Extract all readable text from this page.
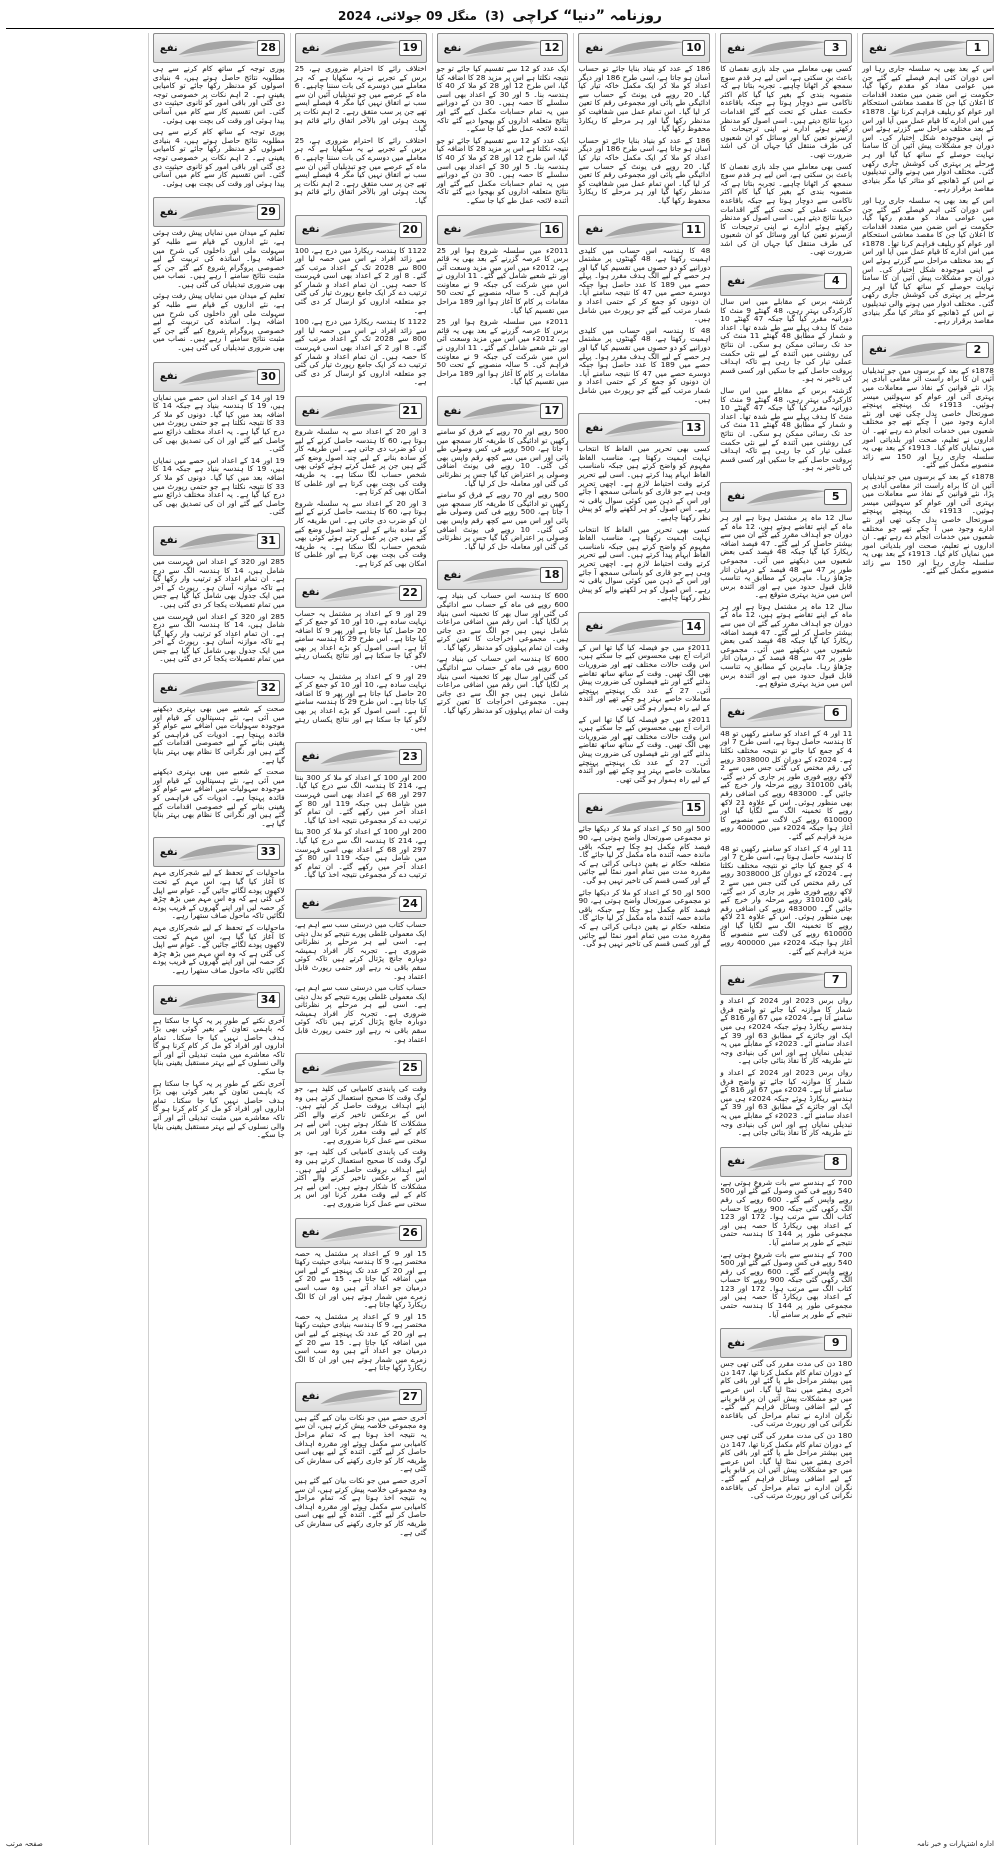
روزنامہ ”دنیا“ کراچی
(3)
منگل 09 جولائی، 2024
1
نفع

اس کے بعد بھی یہ سلسلہ جاری رہا اور اس دوران کئی اہم فیصلے کیے گئے جن میں عوامی مفاد کو مقدم رکھا گیا، حکومت نے اس ضمن میں متعدد اقدامات کا اعلان کیا جن کا مقصد معاشی استحکام اور عوام کو ریلیف فراہم کرنا تھا۔ 1878ء میں اس ادارے کا قیام عمل میں آیا اور اس کے بعد مختلف مراحل سے گزرتے ہوئے اس نے اپنی موجودہ شکل اختیار کی۔ اس دوران جو مشکلات پیش آئیں ان کا سامنا نہایت حوصلے کے ساتھ کیا گیا اور ہر مرحلے پر بہتری کی کوشش جاری رکھی گئی۔ مختلف ادوار میں ہونے والی تبدیلیوں نے اس کے ڈھانچے کو متاثر کیا مگر بنیادی مقاصد برقرار رہے۔

اس کے بعد بھی یہ سلسلہ جاری رہا اور اس دوران کئی اہم فیصلے کیے گئے جن میں عوامی مفاد کو مقدم رکھا گیا، حکومت نے اس ضمن میں متعدد اقدامات کا اعلان کیا جن کا مقصد معاشی استحکام اور عوام کو ریلیف فراہم کرنا تھا۔ 1878ء میں اس ادارے کا قیام عمل میں آیا اور اس کے بعد مختلف مراحل سے گزرتے ہوئے اس نے اپنی موجودہ شکل اختیار کی۔ اس دوران جو مشکلات پیش آئیں ان کا سامنا نہایت حوصلے کے ساتھ کیا گیا اور ہر مرحلے پر بہتری کی کوشش جاری رکھی گئی۔ مختلف ادوار میں ہونے والی تبدیلیوں نے اس کے ڈھانچے کو متاثر کیا مگر بنیادی مقاصد برقرار رہے۔

2
نفع

1878ء کے بعد کے برسوں میں جو تبدیلیاں آئیں ان کا براہ راست اثر مقامی آبادی پر پڑا، نئے قوانین کے نفاذ سے معاملات میں بہتری آئی اور عوام کو سہولتیں میسر ہوئیں۔ 1913ء تک پہنچتے پہنچتے صورتحال خاصی بدل چکی تھی اور نئے ادارے وجود میں آ چکے تھے جو مختلف شعبوں میں خدمات انجام دے رہے تھے۔ ان اداروں نے تعلیم، صحت اور بلدیاتی امور میں نمایاں کام کیا۔ 1913ء کے بعد بھی یہ سلسلہ جاری رہا اور 150 سے زائد منصوبے مکمل کیے گئے۔

1878ء کے بعد کے برسوں میں جو تبدیلیاں آئیں ان کا براہ راست اثر مقامی آبادی پر پڑا، نئے قوانین کے نفاذ سے معاملات میں بہتری آئی اور عوام کو سہولتیں میسر ہوئیں۔ 1913ء تک پہنچتے پہنچتے صورتحال خاصی بدل چکی تھی اور نئے ادارے وجود میں آ چکے تھے جو مختلف شعبوں میں خدمات انجام دے رہے تھے۔ ان اداروں نے تعلیم، صحت اور بلدیاتی امور میں نمایاں کام کیا۔ 1913ء کے بعد بھی یہ سلسلہ جاری رہا اور 150 سے زائد منصوبے مکمل کیے گئے۔

3
نفع

کسی بھی معاملے میں جلد بازی نقصان کا باعث بن سکتی ہے، اس لیے ہر قدم سوچ سمجھ کر اٹھانا چاہیے۔ تجربہ بتاتا ہے کہ منصوبہ بندی کے بغیر کیا گیا کام اکثر ناکامی سے دوچار ہوتا ہے جبکہ باقاعدہ حکمت عملی کے تحت کیے گئے اقدامات دیرپا نتائج دیتے ہیں۔ اسی اصول کو مدنظر رکھتے ہوئے ادارے نے اپنی ترجیحات کا ازسرنو تعین کیا اور وسائل کو ان شعبوں کی طرف منتقل کیا جہاں ان کی اشد ضرورت تھی۔

کسی بھی معاملے میں جلد بازی نقصان کا باعث بن سکتی ہے، اس لیے ہر قدم سوچ سمجھ کر اٹھانا چاہیے۔ تجربہ بتاتا ہے کہ منصوبہ بندی کے بغیر کیا گیا کام اکثر ناکامی سے دوچار ہوتا ہے جبکہ باقاعدہ حکمت عملی کے تحت کیے گئے اقدامات دیرپا نتائج دیتے ہیں۔ اسی اصول کو مدنظر رکھتے ہوئے ادارے نے اپنی ترجیحات کا ازسرنو تعین کیا اور وسائل کو ان شعبوں کی طرف منتقل کیا جہاں ان کی اشد ضرورت تھی۔

4
نفع

گزشتہ برس کے مقابلے میں اس سال کارکردگی بہتر رہی، 48 گھنٹے 9 منٹ کا دورانیہ مقرر کیا گیا جبکہ 47 گھنٹے 10 منٹ کا ہدف پہلے سے طے شدہ تھا۔ اعداد و شمار کے مطابق 48 گھنٹے 11 منٹ کی حد تک رسائی ممکن ہو سکی۔ ان نتائج کی روشنی میں آئندہ کے لیے نئی حکمت عملی تیار کی جا رہی ہے تاکہ اہداف بروقت حاصل کیے جا سکیں اور کسی قسم کی تاخیر نہ ہو۔

گزشتہ برس کے مقابلے میں اس سال کارکردگی بہتر رہی، 48 گھنٹے 9 منٹ کا دورانیہ مقرر کیا گیا جبکہ 47 گھنٹے 10 منٹ کا ہدف پہلے سے طے شدہ تھا۔ اعداد و شمار کے مطابق 48 گھنٹے 11 منٹ کی حد تک رسائی ممکن ہو سکی۔ ان نتائج کی روشنی میں آئندہ کے لیے نئی حکمت عملی تیار کی جا رہی ہے تاکہ اہداف بروقت حاصل کیے جا سکیں اور کسی قسم کی تاخیر نہ ہو۔

5
نفع

سال 12 ماہ پر مشتمل ہوتا ہے اور ہر ماہ کے اپنے تقاضے ہوتے ہیں، 12 ماہ کے دوران جو اہداف مقرر کیے گئے ان میں سے بیشتر حاصل کر لیے گئے۔ 47 فیصد اضافہ ریکارڈ کیا گیا جبکہ 48 فیصد کمی بعض شعبوں میں دیکھنے میں آئی۔ مجموعی طور پر 47 سے 48 فیصد کے درمیان اتار چڑھاؤ رہا۔ ماہرین کے مطابق یہ تناسب قابل قبول حدود میں ہے اور آئندہ برس اس میں مزید بہتری متوقع ہے۔

سال 12 ماہ پر مشتمل ہوتا ہے اور ہر ماہ کے اپنے تقاضے ہوتے ہیں، 12 ماہ کے دوران جو اہداف مقرر کیے گئے ان میں سے بیشتر حاصل کر لیے گئے۔ 47 فیصد اضافہ ریکارڈ کیا گیا جبکہ 48 فیصد کمی بعض شعبوں میں دیکھنے میں آئی۔ مجموعی طور پر 47 سے 48 فیصد کے درمیان اتار چڑھاؤ رہا۔ ماہرین کے مطابق یہ تناسب قابل قبول حدود میں ہے اور آئندہ برس اس میں مزید بہتری متوقع ہے۔

6
نفع

11 اور 4 کے اعداد کو سامنے رکھیں تو 48 کا ہندسہ حاصل ہوتا ہے، اسی طرح 7 اور 4 کو جمع کیا جائے تو نتیجہ مختلف نکلتا ہے۔ 2024ء کے دوران کل 3038000 روپے کی رقم مختص کی گئی جس میں سے 2 لاکھ روپے فوری طور پر جاری کر دیے گئے، باقی 310100 روپے مرحلہ وار خرچ کیے جائیں گے۔ 483000 روپے کی اضافی رقم بھی منظور ہوئی۔ اس کے علاوہ 21 لاکھ روپے کا تخمینہ الگ سے لگایا گیا اور 610000 روپے کی لاگت سے منصوبے کا آغاز ہوا جبکہ 2024ء میں 400000 روپے مزید فراہم کیے گئے۔

11 اور 4 کے اعداد کو سامنے رکھیں تو 48 کا ہندسہ حاصل ہوتا ہے، اسی طرح 7 اور 4 کو جمع کیا جائے تو نتیجہ مختلف نکلتا ہے۔ 2024ء کے دوران کل 3038000 روپے کی رقم مختص کی گئی جس میں سے 2 لاکھ روپے فوری طور پر جاری کر دیے گئے، باقی 310100 روپے مرحلہ وار خرچ کیے جائیں گے۔ 483000 روپے کی اضافی رقم بھی منظور ہوئی۔ اس کے علاوہ 21 لاکھ روپے کا تخمینہ الگ سے لگایا گیا اور 610000 روپے کی لاگت سے منصوبے کا آغاز ہوا جبکہ 2024ء میں 400000 روپے مزید فراہم کیے گئے۔

7
نفع

رواں برس 2023 اور 2024 کے اعداد و شمار کا موازنہ کیا جائے تو واضح فرق سامنے آتا ہے۔ 2024ء میں 67 اور 816 کے ہندسے ریکارڈ ہوئے جبکہ 2024ء ہی میں ایک اور جائزے کے مطابق 63 اور 39 کے اعداد سامنے آئے۔ 2023ء کے مقابلے میں یہ تبدیلی نمایاں ہے اور اس کی بنیادی وجہ نئے طریقہ کار کا نفاذ بتائی جاتی ہے۔

رواں برس 2023 اور 2024 کے اعداد و شمار کا موازنہ کیا جائے تو واضح فرق سامنے آتا ہے۔ 2024ء میں 67 اور 816 کے ہندسے ریکارڈ ہوئے جبکہ 2024ء ہی میں ایک اور جائزے کے مطابق 63 اور 39 کے اعداد سامنے آئے۔ 2023ء کے مقابلے میں یہ تبدیلی نمایاں ہے اور اس کی بنیادی وجہ نئے طریقہ کار کا نفاذ بتائی جاتی ہے۔

8
نفع

700 کے ہندسے سے بات شروع ہوتی ہے، 540 روپے فی کس وصول کیے گئے اور 500 روپے واپس کیے گئے۔ 600 روپے کی رقم الگ رکھی گئی جبکہ 900 روپے کا حساب کتاب الگ سے مرتب ہوا۔ 172 اور 123 کے اعداد بھی ریکارڈ کا حصہ ہیں اور مجموعی طور پر 144 کا ہندسہ حتمی نتیجے کے طور پر سامنے آیا۔

700 کے ہندسے سے بات شروع ہوتی ہے، 540 روپے فی کس وصول کیے گئے اور 500 روپے واپس کیے گئے۔ 600 روپے کی رقم الگ رکھی گئی جبکہ 900 روپے کا حساب کتاب الگ سے مرتب ہوا۔ 172 اور 123 کے اعداد بھی ریکارڈ کا حصہ ہیں اور مجموعی طور پر 144 کا ہندسہ حتمی نتیجے کے طور پر سامنے آیا۔

9
نفع

180 دن کی مدت مقرر کی گئی تھی جس کے دوران تمام کام مکمل کرنا تھا، 147 دن میں بیشتر مراحل طے پا گئے اور باقی کام آخری ہفتے میں نمٹا لیا گیا۔ اس عرصے میں جو مشکلات پیش آئیں ان پر قابو پانے کے لیے اضافی وسائل فراہم کیے گئے۔ نگران ادارے نے تمام مراحل کی باقاعدہ نگرانی کی اور رپورٹ مرتب کی۔

180 دن کی مدت مقرر کی گئی تھی جس کے دوران تمام کام مکمل کرنا تھا، 147 دن میں بیشتر مراحل طے پا گئے اور باقی کام آخری ہفتے میں نمٹا لیا گیا۔ اس عرصے میں جو مشکلات پیش آئیں ان پر قابو پانے کے لیے اضافی وسائل فراہم کیے گئے۔ نگران ادارے نے تمام مراحل کی باقاعدہ نگرانی کی اور رپورٹ مرتب کی۔

10
نفع

186 کے عدد کو بنیاد بنایا جائے تو حساب آسان ہو جاتا ہے، اسی طرح 186 اور دیگر اعداد کو ملا کر ایک مکمل خاکہ تیار کیا گیا۔ 20 روپے فی یونٹ کے حساب سے ادائیگی طے پائی اور مجموعی رقم کا تعین کر لیا گیا۔ اس تمام عمل میں شفافیت کو مدنظر رکھا گیا اور ہر مرحلے کا ریکارڈ محفوظ رکھا گیا۔

186 کے عدد کو بنیاد بنایا جائے تو حساب آسان ہو جاتا ہے، اسی طرح 186 اور دیگر اعداد کو ملا کر ایک مکمل خاکہ تیار کیا گیا۔ 20 روپے فی یونٹ کے حساب سے ادائیگی طے پائی اور مجموعی رقم کا تعین کر لیا گیا۔ اس تمام عمل میں شفافیت کو مدنظر رکھا گیا اور ہر مرحلے کا ریکارڈ محفوظ رکھا گیا۔

11
نفع

48 کا ہندسہ اس حساب میں کلیدی اہمیت رکھتا ہے، 48 گھنٹوں پر مشتمل دورانیے کو دو حصوں میں تقسیم کیا گیا اور ہر حصے کے لیے الگ ہدف مقرر ہوا۔ پہلے حصے میں 189 کا عدد حاصل ہوا جبکہ دوسرے حصے میں 47 کا نتیجہ سامنے آیا۔ ان دونوں کو جمع کر کے حتمی اعداد و شمار مرتب کیے گئے جو رپورٹ میں شامل ہیں۔

48 کا ہندسہ اس حساب میں کلیدی اہمیت رکھتا ہے، 48 گھنٹوں پر مشتمل دورانیے کو دو حصوں میں تقسیم کیا گیا اور ہر حصے کے لیے الگ ہدف مقرر ہوا۔ پہلے حصے میں 189 کا عدد حاصل ہوا جبکہ دوسرے حصے میں 47 کا نتیجہ سامنے آیا۔ ان دونوں کو جمع کر کے حتمی اعداد و شمار مرتب کیے گئے جو رپورٹ میں شامل ہیں۔

13
نفع

کسی بھی تحریر میں الفاظ کا انتخاب نہایت اہمیت رکھتا ہے، مناسب الفاظ مفہوم کو واضح کرتے ہیں جبکہ نامناسب الفاظ ابہام پیدا کرتے ہیں۔ اسی لیے تحریر کرتے وقت احتیاط لازم ہے۔ اچھی تحریر وہی ہے جو قاری کو بآسانی سمجھ آ جائے اور اس کے ذہن میں کوئی سوال باقی نہ رہے۔ اس اصول کو ہر لکھنے والے کو پیش نظر رکھنا چاہیے۔

کسی بھی تحریر میں الفاظ کا انتخاب نہایت اہمیت رکھتا ہے، مناسب الفاظ مفہوم کو واضح کرتے ہیں جبکہ نامناسب الفاظ ابہام پیدا کرتے ہیں۔ اسی لیے تحریر کرتے وقت احتیاط لازم ہے۔ اچھی تحریر وہی ہے جو قاری کو بآسانی سمجھ آ جائے اور اس کے ذہن میں کوئی سوال باقی نہ رہے۔ اس اصول کو ہر لکھنے والے کو پیش نظر رکھنا چاہیے۔

14
نفع

2011ء میں جو فیصلہ کیا گیا تھا اس کے اثرات آج بھی محسوس کیے جا سکتے ہیں، اس وقت حالات مختلف تھے اور ضروریات بھی الگ تھیں۔ وقت کے ساتھ ساتھ تقاضے بدلتے گئے اور نئے فیصلوں کی ضرورت پیش آئی۔ 27 کے عدد تک پہنچتے پہنچتے معاملات خاصے بہتر ہو چکے تھے اور آئندہ کے لیے راہ ہموار ہو گئی تھی۔

2011ء میں جو فیصلہ کیا گیا تھا اس کے اثرات آج بھی محسوس کیے جا سکتے ہیں، اس وقت حالات مختلف تھے اور ضروریات بھی الگ تھیں۔ وقت کے ساتھ ساتھ تقاضے بدلتے گئے اور نئے فیصلوں کی ضرورت پیش آئی۔ 27 کے عدد تک پہنچتے پہنچتے معاملات خاصے بہتر ہو چکے تھے اور آئندہ کے لیے راہ ہموار ہو گئی تھی۔

15
نفع

500 اور 50 کے اعداد کو ملا کر دیکھا جائے تو مجموعی صورتحال واضح ہوتی ہے، 90 فیصد کام مکمل ہو چکا ہے جبکہ باقی ماندہ حصہ آئندہ ماہ مکمل کر لیا جائے گا۔ متعلقہ حکام نے یقین دہانی کرائی ہے کہ مقررہ مدت میں تمام امور نمٹا لیے جائیں گے اور کسی قسم کی تاخیر نہیں ہو گی۔

500 اور 50 کے اعداد کو ملا کر دیکھا جائے تو مجموعی صورتحال واضح ہوتی ہے، 90 فیصد کام مکمل ہو چکا ہے جبکہ باقی ماندہ حصہ آئندہ ماہ مکمل کر لیا جائے گا۔ متعلقہ حکام نے یقین دہانی کرائی ہے کہ مقررہ مدت میں تمام امور نمٹا لیے جائیں گے اور کسی قسم کی تاخیر نہیں ہو گی۔

12
نفع

ایک عدد کو 12 سے تقسیم کیا جائے تو جو نتیجہ نکلتا ہے اس پر مزید 28 کا اضافہ کیا گیا، اس طرح 12 اور 28 کو ملا کر 40 کا ہندسہ بنا۔ 5 اور 30 کے اعداد بھی اسی سلسلے کا حصہ ہیں۔ 30 دن کے دورانیے میں یہ تمام حسابات مکمل کیے گئے اور نتائج متعلقہ اداروں کو بھجوا دیے گئے تاکہ آئندہ لائحہ عمل طے کیا جا سکے۔

ایک عدد کو 12 سے تقسیم کیا جائے تو جو نتیجہ نکلتا ہے اس پر مزید 28 کا اضافہ کیا گیا، اس طرح 12 اور 28 کو ملا کر 40 کا ہندسہ بنا۔ 5 اور 30 کے اعداد بھی اسی سلسلے کا حصہ ہیں۔ 30 دن کے دورانیے میں یہ تمام حسابات مکمل کیے گئے اور نتائج متعلقہ اداروں کو بھجوا دیے گئے تاکہ آئندہ لائحہ عمل طے کیا جا سکے۔

16
نفع

2011ء میں سلسلہ شروع ہوا اور 25 برس کا عرصہ گزرنے کے بعد بھی یہ قائم ہے، 2012ء میں اس میں مزید وسعت آئی اور نئے شعبے شامل کیے گئے۔ 11 اداروں نے اس میں شرکت کی جبکہ 9 نے معاونت فراہم کی۔ 5 سالہ منصوبے کے تحت 50 مقامات پر کام کا آغاز ہوا اور 189 مراحل میں تقسیم کیا گیا۔

2011ء میں سلسلہ شروع ہوا اور 25 برس کا عرصہ گزرنے کے بعد بھی یہ قائم ہے، 2012ء میں اس میں مزید وسعت آئی اور نئے شعبے شامل کیے گئے۔ 11 اداروں نے اس میں شرکت کی جبکہ 9 نے معاونت فراہم کی۔ 5 سالہ منصوبے کے تحت 50 مقامات پر کام کا آغاز ہوا اور 189 مراحل میں تقسیم کیا گیا۔

17
نفع

500 روپے اور 70 روپے کے فرق کو سامنے رکھیں تو ادائیگی کا طریقہ کار سمجھ میں آ جاتا ہے، 500 روپے فی کس وصولی طے پائی اور اس میں سے کچھ رقم واپس بھی کی گئی۔ 10 روپے فی یونٹ اضافی وصولی پر اعتراض کیا گیا جس پر نظرثانی کی گئی اور معاملہ حل کر لیا گیا۔

500 روپے اور 70 روپے کے فرق کو سامنے رکھیں تو ادائیگی کا طریقہ کار سمجھ میں آ جاتا ہے، 500 روپے فی کس وصولی طے پائی اور اس میں سے کچھ رقم واپس بھی کی گئی۔ 10 روپے فی یونٹ اضافی وصولی پر اعتراض کیا گیا جس پر نظرثانی کی گئی اور معاملہ حل کر لیا گیا۔

18
نفع

600 کا ہندسہ اس حساب کی بنیاد ہے، 600 روپے فی ماہ کے حساب سے ادائیگی کی گئی اور سال بھر کا تخمینہ اسی بنیاد پر لگایا گیا۔ اس رقم میں اضافی مراعات شامل نہیں ہیں جو الگ سے دی جاتی ہیں۔ مجموعی اخراجات کا تعین کرتے وقت ان تمام پہلوؤں کو مدنظر رکھا گیا۔

600 کا ہندسہ اس حساب کی بنیاد ہے، 600 روپے فی ماہ کے حساب سے ادائیگی کی گئی اور سال بھر کا تخمینہ اسی بنیاد پر لگایا گیا۔ اس رقم میں اضافی مراعات شامل نہیں ہیں جو الگ سے دی جاتی ہیں۔ مجموعی اخراجات کا تعین کرتے وقت ان تمام پہلوؤں کو مدنظر رکھا گیا۔

19
نفع

اختلاف رائے کا احترام ضروری ہے، 25 برس کے تجربے نے یہ سکھایا ہے کہ ہر معاملے میں دوسرے کی بات سننا چاہیے۔ 6 ماہ کے عرصے میں جو تبدیلیاں آئیں ان سے سب نے اتفاق نہیں کیا مگر 4 فیصلے ایسے تھے جن پر سب متفق رہے۔ 2 اہم نکات پر بحث ہوئی اور بالآخر اتفاق رائے قائم ہو گیا۔

اختلاف رائے کا احترام ضروری ہے، 25 برس کے تجربے نے یہ سکھایا ہے کہ ہر معاملے میں دوسرے کی بات سننا چاہیے۔ 6 ماہ کے عرصے میں جو تبدیلیاں آئیں ان سے سب نے اتفاق نہیں کیا مگر 4 فیصلے ایسے تھے جن پر سب متفق رہے۔ 2 اہم نکات پر بحث ہوئی اور بالآخر اتفاق رائے قائم ہو گیا۔

20
نفع

1122 کا ہندسہ ریکارڈ میں درج ہے، 100 سے زائد افراد نے اس میں حصہ لیا اور 800 سے 2028 تک کے اعداد مرتب کیے گئے۔ 8 اور 2 کے اعداد بھی اسی فہرست کا حصہ ہیں۔ ان تمام اعداد و شمار کو ترتیب دے کر ایک جامع رپورٹ تیار کی گئی جو متعلقہ اداروں کو ارسال کر دی گئی ہے۔

1122 کا ہندسہ ریکارڈ میں درج ہے، 100 سے زائد افراد نے اس میں حصہ لیا اور 800 سے 2028 تک کے اعداد مرتب کیے گئے۔ 8 اور 2 کے اعداد بھی اسی فہرست کا حصہ ہیں۔ ان تمام اعداد و شمار کو ترتیب دے کر ایک جامع رپورٹ تیار کی گئی جو متعلقہ اداروں کو ارسال کر دی گئی ہے۔

21
نفع

3 اور 20 کے اعداد سے یہ سلسلہ شروع ہوتا ہے، 60 کا ہندسہ حاصل کرنے کے لیے ان کو ضرب دی جاتی ہے۔ اس طریقہ کار کو سادہ بنانے کے لیے چند اصول وضع کیے گئے ہیں جن پر عمل کرتے ہوئے کوئی بھی شخص حساب لگا سکتا ہے۔ یہ طریقہ وقت کی بچت بھی کرتا ہے اور غلطی کا امکان بھی کم کرتا ہے۔

3 اور 20 کے اعداد سے یہ سلسلہ شروع ہوتا ہے، 60 کا ہندسہ حاصل کرنے کے لیے ان کو ضرب دی جاتی ہے۔ اس طریقہ کار کو سادہ بنانے کے لیے چند اصول وضع کیے گئے ہیں جن پر عمل کرتے ہوئے کوئی بھی شخص حساب لگا سکتا ہے۔ یہ طریقہ وقت کی بچت بھی کرتا ہے اور غلطی کا امکان بھی کم کرتا ہے۔

22
نفع

29 اور 9 کے اعداد پر مشتمل یہ حساب نہایت سادہ ہے، 10 اور 10 کو جمع کر کے 20 حاصل کیا جاتا ہے اور پھر 9 کا اضافہ کیا جاتا ہے۔ اس طرح 29 کا ہندسہ سامنے آتا ہے۔ اسی اصول کو بڑے اعداد پر بھی لاگو کیا جا سکتا ہے اور نتائج یکساں رہتے ہیں۔

29 اور 9 کے اعداد پر مشتمل یہ حساب نہایت سادہ ہے، 10 اور 10 کو جمع کر کے 20 حاصل کیا جاتا ہے اور پھر 9 کا اضافہ کیا جاتا ہے۔ اس طرح 29 کا ہندسہ سامنے آتا ہے۔ اسی اصول کو بڑے اعداد پر بھی لاگو کیا جا سکتا ہے اور نتائج یکساں رہتے ہیں۔

23
نفع

200 اور 100 کے اعداد کو ملا کر 300 بنتا ہے، 214 کا ہندسہ الگ سے درج کیا گیا۔ 297 اور 68 کے اعداد بھی اسی فہرست میں شامل ہیں جبکہ 119 اور 80 کے اعداد آخر میں رکھے گئے۔ ان تمام کو ترتیب دے کر مجموعی نتیجہ اخذ کیا گیا۔

200 اور 100 کے اعداد کو ملا کر 300 بنتا ہے، 214 کا ہندسہ الگ سے درج کیا گیا۔ 297 اور 68 کے اعداد بھی اسی فہرست میں شامل ہیں جبکہ 119 اور 80 کے اعداد آخر میں رکھے گئے۔ ان تمام کو ترتیب دے کر مجموعی نتیجہ اخذ کیا گیا۔

24
نفع

حساب کتاب میں درستی سب سے اہم ہے، ایک معمولی غلطی پورے نتیجے کو بدل دیتی ہے۔ اسی لیے ہر مرحلے پر نظرثانی ضروری ہے۔ تجربہ کار افراد ہمیشہ دوبارہ جانچ پڑتال کرتے ہیں تاکہ کوئی سقم باقی نہ رہے اور حتمی رپورٹ قابل اعتماد ہو۔

حساب کتاب میں درستی سب سے اہم ہے، ایک معمولی غلطی پورے نتیجے کو بدل دیتی ہے۔ اسی لیے ہر مرحلے پر نظرثانی ضروری ہے۔ تجربہ کار افراد ہمیشہ دوبارہ جانچ پڑتال کرتے ہیں تاکہ کوئی سقم باقی نہ رہے اور حتمی رپورٹ قابل اعتماد ہو۔

25
نفع

وقت کی پابندی کامیابی کی کلید ہے، جو لوگ وقت کا صحیح استعمال کرتے ہیں وہ اپنے اہداف بروقت حاصل کر لیتے ہیں۔ اس کے برعکس تاخیر کرنے والے اکثر مشکلات کا شکار ہوتے ہیں۔ اس لیے ہر کام کے لیے وقت مقرر کرنا اور اس پر سختی سے عمل کرنا ضروری ہے۔

وقت کی پابندی کامیابی کی کلید ہے، جو لوگ وقت کا صحیح استعمال کرتے ہیں وہ اپنے اہداف بروقت حاصل کر لیتے ہیں۔ اس کے برعکس تاخیر کرنے والے اکثر مشکلات کا شکار ہوتے ہیں۔ اس لیے ہر کام کے لیے وقت مقرر کرنا اور اس پر سختی سے عمل کرنا ضروری ہے۔

26
نفع

15 اور 9 کے اعداد پر مشتمل یہ حصہ مختصر ہے، 9 کا ہندسہ بنیادی حیثیت رکھتا ہے اور 20 کے عدد تک پہنچنے کے لیے اس میں اضافہ کیا جاتا ہے۔ 15 سے 20 کے درمیان جو اعداد آتے ہیں وہ سب اسی زمرے میں شمار ہوتے ہیں اور ان کا الگ ریکارڈ رکھا جاتا ہے۔

15 اور 9 کے اعداد پر مشتمل یہ حصہ مختصر ہے، 9 کا ہندسہ بنیادی حیثیت رکھتا ہے اور 20 کے عدد تک پہنچنے کے لیے اس میں اضافہ کیا جاتا ہے۔ 15 سے 20 کے درمیان جو اعداد آتے ہیں وہ سب اسی زمرے میں شمار ہوتے ہیں اور ان کا الگ ریکارڈ رکھا جاتا ہے۔

27
نفع

آخری حصے میں جو نکات بیان کیے گئے ہیں وہ مجموعی خلاصہ پیش کرتے ہیں، ان سے یہ نتیجہ اخذ ہوتا ہے کہ تمام مراحل کامیابی سے مکمل ہوئے اور مقررہ اہداف حاصل کر لیے گئے۔ آئندہ کے لیے بھی اسی طریقہ کار کو جاری رکھنے کی سفارش کی گئی ہے۔

آخری حصے میں جو نکات بیان کیے گئے ہیں وہ مجموعی خلاصہ پیش کرتے ہیں، ان سے یہ نتیجہ اخذ ہوتا ہے کہ تمام مراحل کامیابی سے مکمل ہوئے اور مقررہ اہداف حاصل کر لیے گئے۔ آئندہ کے لیے بھی اسی طریقہ کار کو جاری رکھنے کی سفارش کی گئی ہے۔

28
نفع

پوری توجہ کے ساتھ کام کرنے سے ہی مطلوبہ نتائج حاصل ہوتے ہیں، 4 بنیادی اصولوں کو مدنظر رکھا جائے تو کامیابی یقینی ہے۔ 2 اہم نکات پر خصوصی توجہ دی گئی اور باقی امور کو ثانوی حیثیت دی گئی۔ اس تقسیم کار سے کام میں آسانی پیدا ہوئی اور وقت کی بچت بھی ہوئی۔

پوری توجہ کے ساتھ کام کرنے سے ہی مطلوبہ نتائج حاصل ہوتے ہیں، 4 بنیادی اصولوں کو مدنظر رکھا جائے تو کامیابی یقینی ہے۔ 2 اہم نکات پر خصوصی توجہ دی گئی اور باقی امور کو ثانوی حیثیت دی گئی۔ اس تقسیم کار سے کام میں آسانی پیدا ہوئی اور وقت کی بچت بھی ہوئی۔

29
نفع

تعلیم کے میدان میں نمایاں پیش رفت ہوئی ہے، نئے اداروں کے قیام سے طلبہ کو سہولت ملی اور داخلوں کی شرح میں اضافہ ہوا۔ اساتذہ کی تربیت کے لیے خصوصی پروگرام شروع کیے گئے جن کے مثبت نتائج سامنے آ رہے ہیں۔ نصاب میں بھی ضروری تبدیلیاں کی گئی ہیں۔

تعلیم کے میدان میں نمایاں پیش رفت ہوئی ہے، نئے اداروں کے قیام سے طلبہ کو سہولت ملی اور داخلوں کی شرح میں اضافہ ہوا۔ اساتذہ کی تربیت کے لیے خصوصی پروگرام شروع کیے گئے جن کے مثبت نتائج سامنے آ رہے ہیں۔ نصاب میں بھی ضروری تبدیلیاں کی گئی ہیں۔

30
نفع

19 اور 14 کے اعداد اس حصے میں نمایاں ہیں، 19 کا ہندسہ بنیاد ہے جبکہ 14 کا اضافہ بعد میں کیا گیا۔ دونوں کو ملا کر 33 کا نتیجہ نکلتا ہے جو حتمی رپورٹ میں درج کیا گیا ہے۔ یہ اعداد مختلف ذرائع سے حاصل کیے گئے اور ان کی تصدیق بھی کی گئی۔

19 اور 14 کے اعداد اس حصے میں نمایاں ہیں، 19 کا ہندسہ بنیاد ہے جبکہ 14 کا اضافہ بعد میں کیا گیا۔ دونوں کو ملا کر 33 کا نتیجہ نکلتا ہے جو حتمی رپورٹ میں درج کیا گیا ہے۔ یہ اعداد مختلف ذرائع سے حاصل کیے گئے اور ان کی تصدیق بھی کی گئی۔

31
نفع

285 اور 320 کے اعداد اس فہرست میں شامل ہیں، 14 کا ہندسہ الگ سے درج ہے۔ ان تمام اعداد کو ترتیب وار رکھا گیا ہے تاکہ موازنہ آسان ہو۔ رپورٹ کے آخر میں ایک جدول بھی شامل کیا گیا ہے جس میں تمام تفصیلات یکجا کر دی گئی ہیں۔

285 اور 320 کے اعداد اس فہرست میں شامل ہیں، 14 کا ہندسہ الگ سے درج ہے۔ ان تمام اعداد کو ترتیب وار رکھا گیا ہے تاکہ موازنہ آسان ہو۔ رپورٹ کے آخر میں ایک جدول بھی شامل کیا گیا ہے جس میں تمام تفصیلات یکجا کر دی گئی ہیں۔

32
نفع

صحت کے شعبے میں بھی بہتری دیکھنے میں آئی ہے، نئے ہسپتالوں کے قیام اور موجودہ سہولیات میں اضافے سے عوام کو فائدہ پہنچا ہے۔ ادویات کی فراہمی کو یقینی بنانے کے لیے خصوصی اقدامات کیے گئے ہیں اور نگرانی کا نظام بھی بہتر بنایا گیا ہے۔

صحت کے شعبے میں بھی بہتری دیکھنے میں آئی ہے، نئے ہسپتالوں کے قیام اور موجودہ سہولیات میں اضافے سے عوام کو فائدہ پہنچا ہے۔ ادویات کی فراہمی کو یقینی بنانے کے لیے خصوصی اقدامات کیے گئے ہیں اور نگرانی کا نظام بھی بہتر بنایا گیا ہے۔

33
نفع

ماحولیات کے تحفظ کے لیے شجرکاری مہم کا آغاز کیا گیا ہے، اس مہم کے تحت لاکھوں پودے لگائے جائیں گے۔ عوام سے اپیل کی گئی ہے کہ وہ اس مہم میں بڑھ چڑھ کر حصہ لیں اور اپنے گھروں کے قریب پودے لگائیں تاکہ ماحول صاف ستھرا رہے۔

ماحولیات کے تحفظ کے لیے شجرکاری مہم کا آغاز کیا گیا ہے، اس مہم کے تحت لاکھوں پودے لگائے جائیں گے۔ عوام سے اپیل کی گئی ہے کہ وہ اس مہم میں بڑھ چڑھ کر حصہ لیں اور اپنے گھروں کے قریب پودے لگائیں تاکہ ماحول صاف ستھرا رہے۔

34
نفع

آخری نکتے کے طور پر یہ کہا جا سکتا ہے کہ باہمی تعاون کے بغیر کوئی بھی بڑا ہدف حاصل نہیں کیا جا سکتا۔ تمام اداروں اور افراد کو مل کر کام کرنا ہو گا تاکہ معاشرے میں مثبت تبدیلی آئے اور آنے والی نسلوں کے لیے بہتر مستقبل یقینی بنایا جا سکے۔

آخری نکتے کے طور پر یہ کہا جا سکتا ہے کہ باہمی تعاون کے بغیر کوئی بھی بڑا ہدف حاصل نہیں کیا جا سکتا۔ تمام اداروں اور افراد کو مل کر کام کرنا ہو گا تاکہ معاشرے میں مثبت تبدیلی آئے اور آنے والی نسلوں کے لیے بہتر مستقبل یقینی بنایا جا سکے۔

ادارہ اشتہارات و خبر نامہ
صفحہ مرتب
